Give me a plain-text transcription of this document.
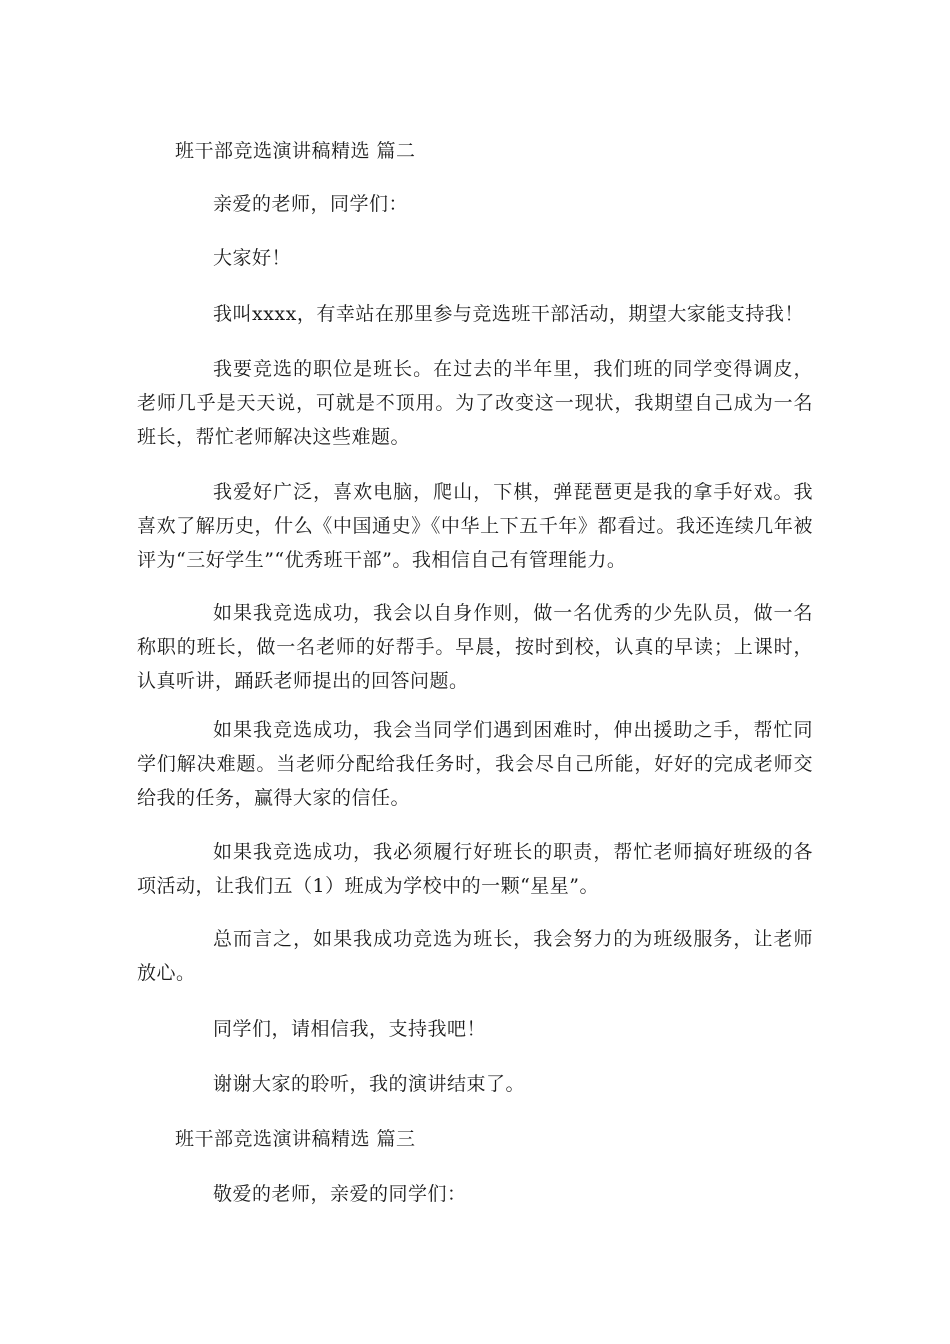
班干部竞选演讲稿精选 篇二
亲爱的老师，同学们：
大家好！
我叫xxxx，有幸站在那里参与竞选班干部活动，期望大家能支持我！
我要竞选的职位是班长。在过去的半年里，我们班的同学变得调皮，老师几乎是天天说，可就是不顶用。为了改变这一现状，我期望自己成为一名班长，帮忙老师解决这些难题。
我爱好广泛，喜欢电脑，爬山，下棋，弹琵琶更是我的拿手好戏。我喜欢了解历史，什么《中国通史》《中华上下五千年》都看过。我还连续几年被评为“三好学生”“优秀班干部”。我相信自己有管理能力。
如果我竞选成功，我会以自身作则，做一名优秀的少先队员，做一名称职的班长，做一名老师的好帮手。早晨，按时到校，认真的早读；上课时，认真听讲，踊跃老师提出的回答问题。
如果我竞选成功，我会当同学们遇到困难时，伸出援助之手，帮忙同学们解决难题。当老师分配给我任务时，我会尽自己所能，好好的完成老师交给我的任务，赢得大家的信任。
如果我竞选成功，我必须履行好班长的职责，帮忙老师搞好班级的各项活动，让我们五（1）班成为学校中的一颗“星星”。
总而言之，如果我成功竞选为班长，我会努力的为班级服务，让老师放心。
同学们，请相信我，支持我吧！
谢谢大家的聆听，我的演讲结束了。
班干部竞选演讲稿精选 篇三
敬爱的老师，亲爱的同学们：
